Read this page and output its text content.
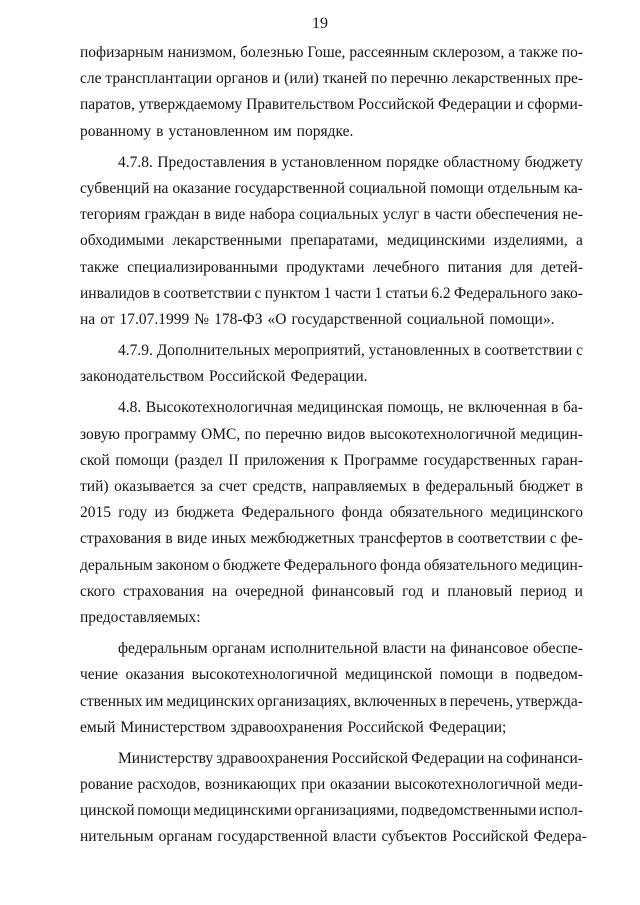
19
пофизарным нанизмом, болезнью Гоше, рассеянным склерозом, а также по-
сле трансплантации органов и (или) тканей по перечню лекарственных пре-
паратов, утверждаемому Правительством Российской Федерации и сформи-
рованному в установленном им порядке.
4.7.8. Предоставления в установленном порядке областному бюджету
субвенций на оказание государственной социальной помощи отдельным ка-
тегориям граждан в виде набора социальных услуг в части обеспечения не-
обходимыми лекарственными препаратами, медицинскими изделиями, а
также специализированными продуктами лечебного питания для детей-
инвалидов в соответствии с пунктом 1 части 1 статьи 6.2 Федерального зако-
на от 17.07.1999 № 178-ФЗ «О государственной социальной помощи».
4.7.9. Дополнительных мероприятий, установленных в соответствии с
законодательством Российской Федерации.
4.8. Высокотехнологичная медицинская помощь, не включенная в ба-
зовую программу ОМС, по перечню видов высокотехнологичной медицин-
ской помощи (раздел II приложения к Программе государственных гаран-
тий) оказывается за счет средств, направляемых в федеральный бюджет в
2015 году из бюджета Федерального фонда обязательного медицинского
страхования в виде иных межбюджетных трансфертов в соответствии с фе-
деральным законом о бюджете Федерального фонда обязательного медицин-
ского страхования на очередной финансовый год и плановый период и
предоставляемых:
федеральным органам исполнительной власти на финансовое обеспе-
чение оказания высокотехнологичной медицинской помощи в подведом-
ственных им медицинских организациях, включенных в перечень, утвержда-
емый Министерством здравоохранения Российской Федерации;
Министерству здравоохранения Российской Федерации на софинанси-
рование расходов, возникающих при оказании высокотехнологичной меди-
цинской помощи медицинскими организациями, подведомственными испол-
нительным органам государственной власти субъектов Российской Федера-
